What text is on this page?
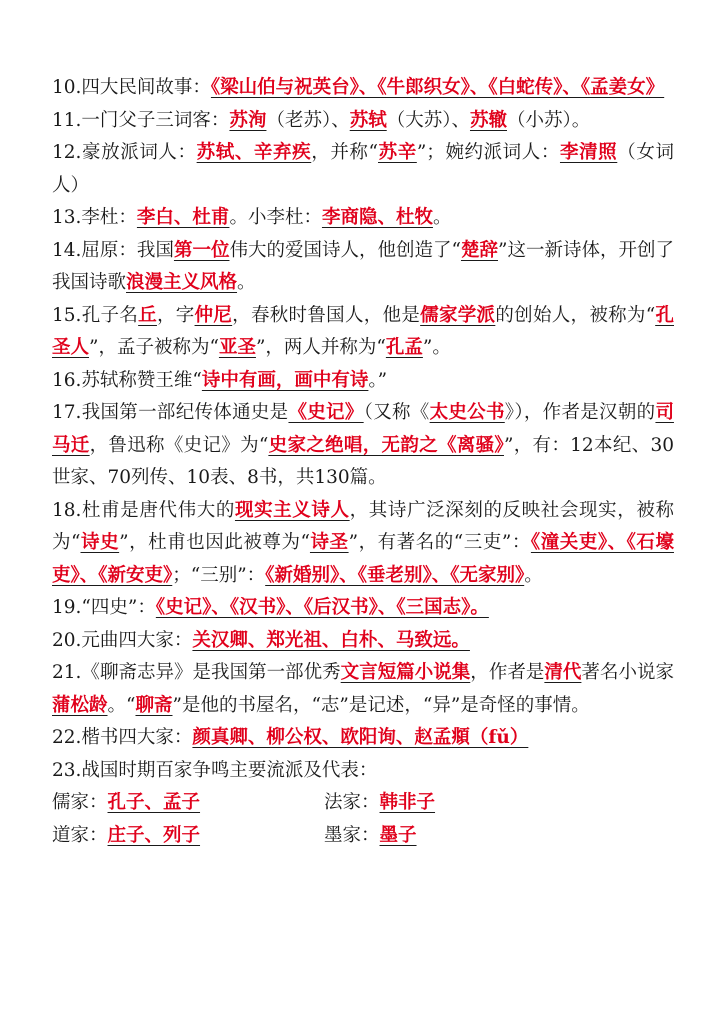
10.四大民间故事：《梁山伯与祝英台》、《牛郎织女》、《白蛇传》、《孟姜女》

11.一门父子三词客：苏洵（老苏）、苏轼（大苏）、苏辙（小苏）。

12.豪放派词人：苏轼、辛弃疾，并称“苏辛”；婉约派词人：李清照（女词人）

13.李杜：李白、杜甫。小李杜：李商隐、杜牧。

14.屈原：我国第一位伟大的爱国诗人，他创造了“楚辞”这一新诗体，开创了我国诗歌浪漫主义风格。

15.孔子名丘，字仲尼，春秋时鲁国人，他是儒家学派的创始人，被称为“孔圣人”，孟子被称为“亚圣”，两人并称为“孔孟”。

16.苏轼称赞王维“诗中有画，画中有诗。”

17.我国第一部纪传体通史是《史记》（又称《太史公书》），作者是汉朝的司马迁，鲁迅称《史记》为“史家之绝唱，无韵之《离骚》”，有：12本纪、30世家、70列传、10表、8书，共130篇。

18.杜甫是唐代伟大的现实主义诗人，其诗广泛深刻的反映社会现实，被称为“诗史”，杜甫也因此被尊为“诗圣”，有著名的“三吏”：《潼关吏》、《石壕吏》、《新安吏》；“三别”：《新婚别》、《垂老别》、《无家别》。

19.“四史”：《史记》、《汉书》、《后汉书》、《三国志》。

20.元曲四大家：关汉卿、郑光祖、白朴、马致远。

21.《聊斋志异》是我国第一部优秀文言短篇小说集，作者是清代著名小说家蒲松龄。“聊斋”是他的书屋名，“志”是记述，“异”是奇怪的事情。

22.楷书四大家：颜真卿、柳公权、欧阳询、赵孟頫（fǔ）

23.战国时期百家争鸣主要流派及代表：

儒家：孔子、孟子	法家：韩非子
道家：庄子、列子	墨家：墨子
